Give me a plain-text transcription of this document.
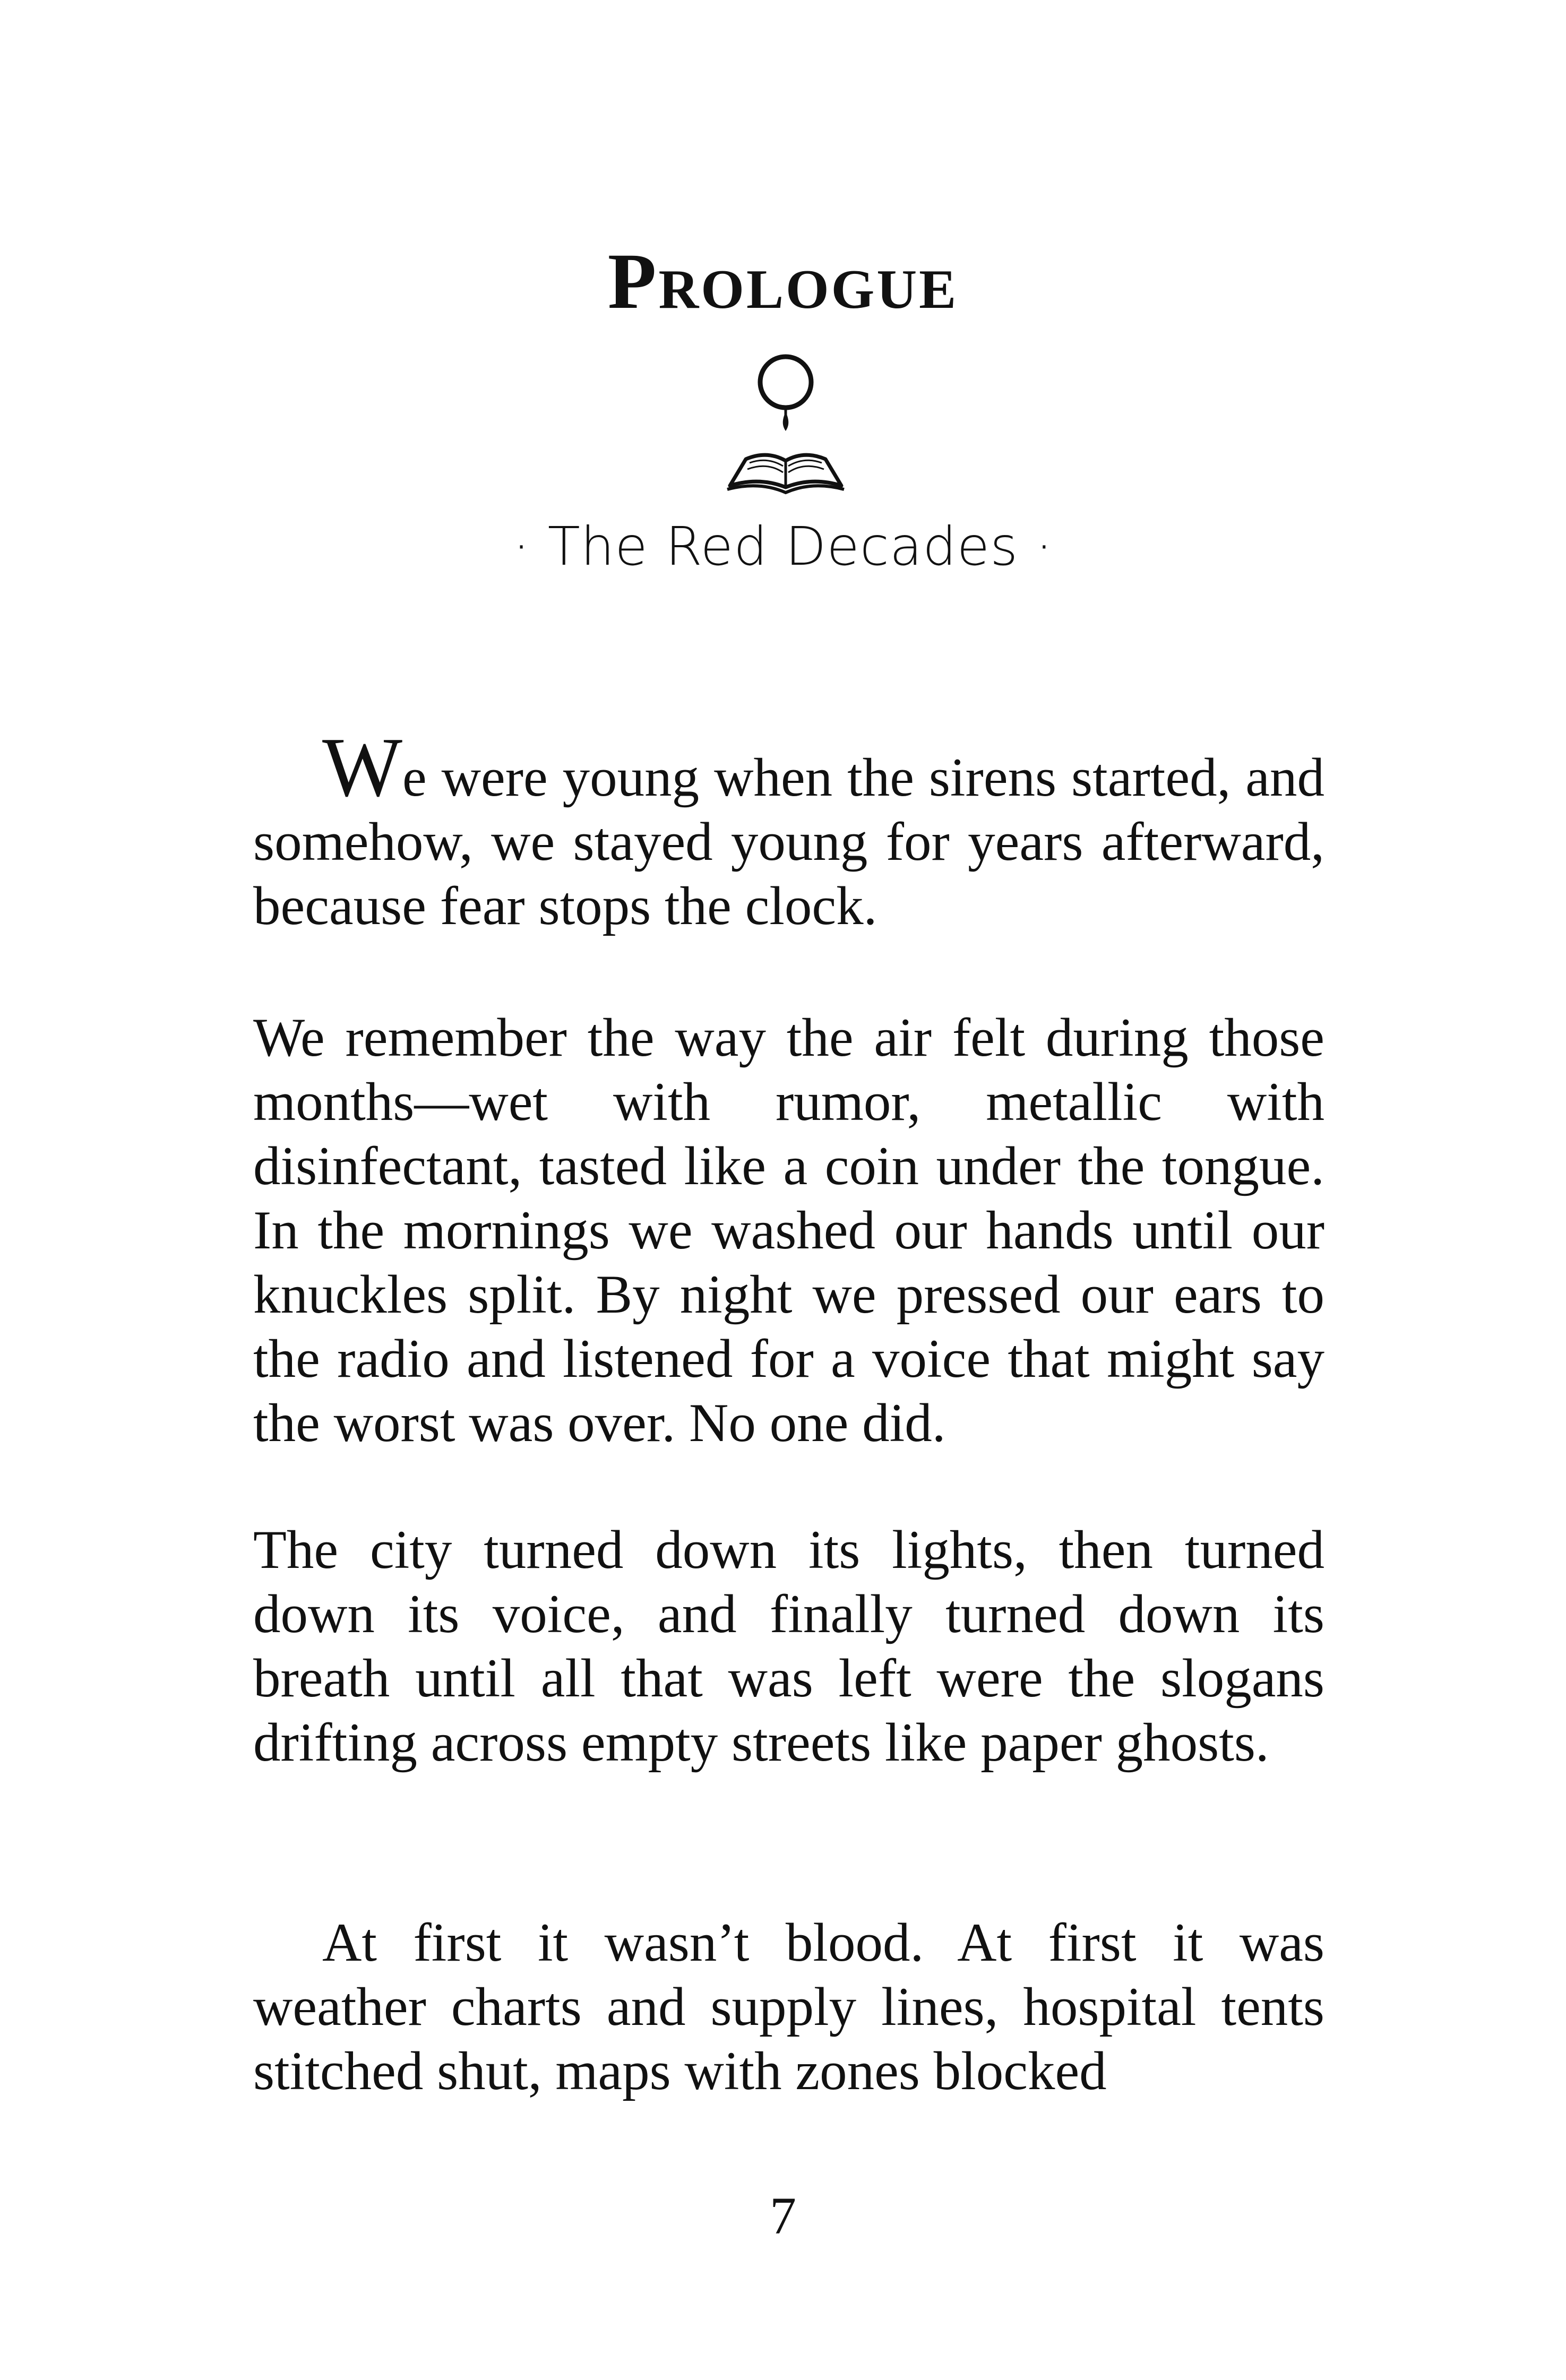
Prologue
· The Red Decades ·

We were young when the sirens started, and somehow, we stayed young for years afterward, because fear stops the clock.

We remember the way the air felt during those months—wet with rumor, metallic with disinfectant, tasted like a coin under the tongue. In the mornings we washed our hands until our knuckles split. By night we pressed our ears to the radio and listened for a voice that might say the worst was over. No one did.

The city turned down its lights, then turned down its voice, and finally turned down its breath until all that was left were the slogans drifting across empty streets like paper ghosts.

At first it wasn’t blood. At first it was weather charts and supply lines, hospital tents stitched shut, maps with zones blocked

7
